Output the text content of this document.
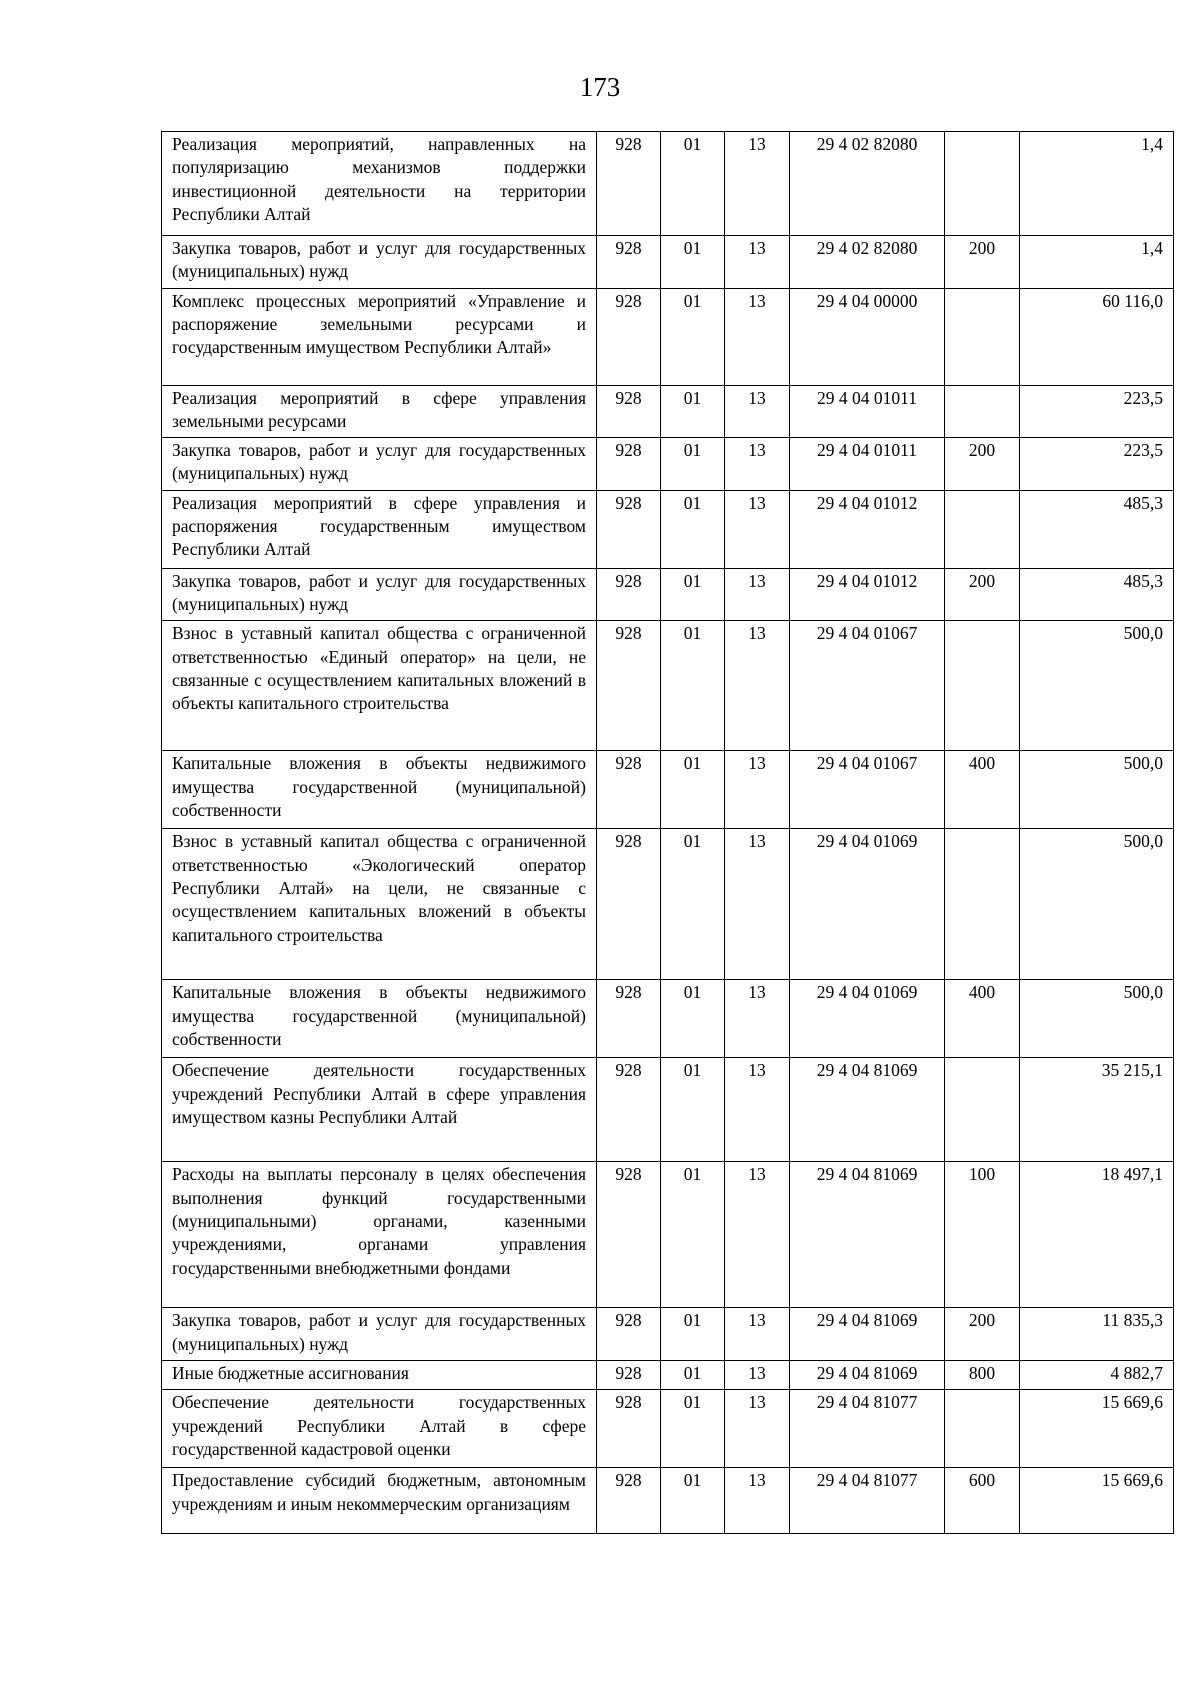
173
Реализация мероприятий, направленных на популяризацию механизмов поддержки инвестиционной деятельности на территории Республики Алтай	928	01	13	29 4 02 82080		1,4
Закупка товаров, работ и услуг для государственных (муниципальных) нужд	928	01	13	29 4 02 82080	200	1,4
Комплекс процессных мероприятий «Управление и распоряжение земельными ресурсами и государственным имуществом Республики Алтай»	928	01	13	29 4 04 00000		60 116,0
Реализация мероприятий в сфере управления земельными ресурсами	928	01	13	29 4 04 01011		223,5
Закупка товаров, работ и услуг для государственных (муниципальных) нужд	928	01	13	29 4 04 01011	200	223,5
Реализация мероприятий в сфере управления и распоряжения государственным имуществом Республики Алтай	928	01	13	29 4 04 01012		485,3
Закупка товаров, работ и услуг для государственных (муниципальных) нужд	928	01	13	29 4 04 01012	200	485,3
Взнос в уставный капитал общества с ограниченной ответственностью «Единый оператор» на цели, не связанные с осуществлением капитальных вложений в объекты капитального строительства	928	01	13	29 4 04 01067		500,0
Капитальные вложения в объекты недвижимого имущества государственной (муниципальной) собственности	928	01	13	29 4 04 01067	400	500,0
Взнос в уставный капитал общества с ограниченной ответственностью «Экологический оператор Республики Алтай» на цели, не связанные с осуществлением капитальных вложений в объекты капитального строительства	928	01	13	29 4 04 01069		500,0
Капитальные вложения в объекты недвижимого имущества государственной (муниципальной) собственности	928	01	13	29 4 04 01069	400	500,0
Обеспечение деятельности государственных учреждений Республики Алтай в сфере управления имуществом казны Республики Алтай	928	01	13	29 4 04 81069		35 215,1
Расходы на выплаты персоналу в целях обеспечения выполнения функций государственными (муниципальными) органами, казенными учреждениями, органами управления государственными внебюджетными фондами	928	01	13	29 4 04 81069	100	18 497,1
Закупка товаров, работ и услуг для государственных (муниципальных) нужд	928	01	13	29 4 04 81069	200	11 835,3
Иные бюджетные ассигнования	928	01	13	29 4 04 81069	800	4 882,7
Обеспечение деятельности государственных учреждений Республики Алтай в сфере государственной кадастровой оценки	928	01	13	29 4 04 81077		15 669,6
Предоставление субсидий бюджетным, автономным учреждениям и иным некоммерческим организациям	928	01	13	29 4 04 81077	600	15 669,6
